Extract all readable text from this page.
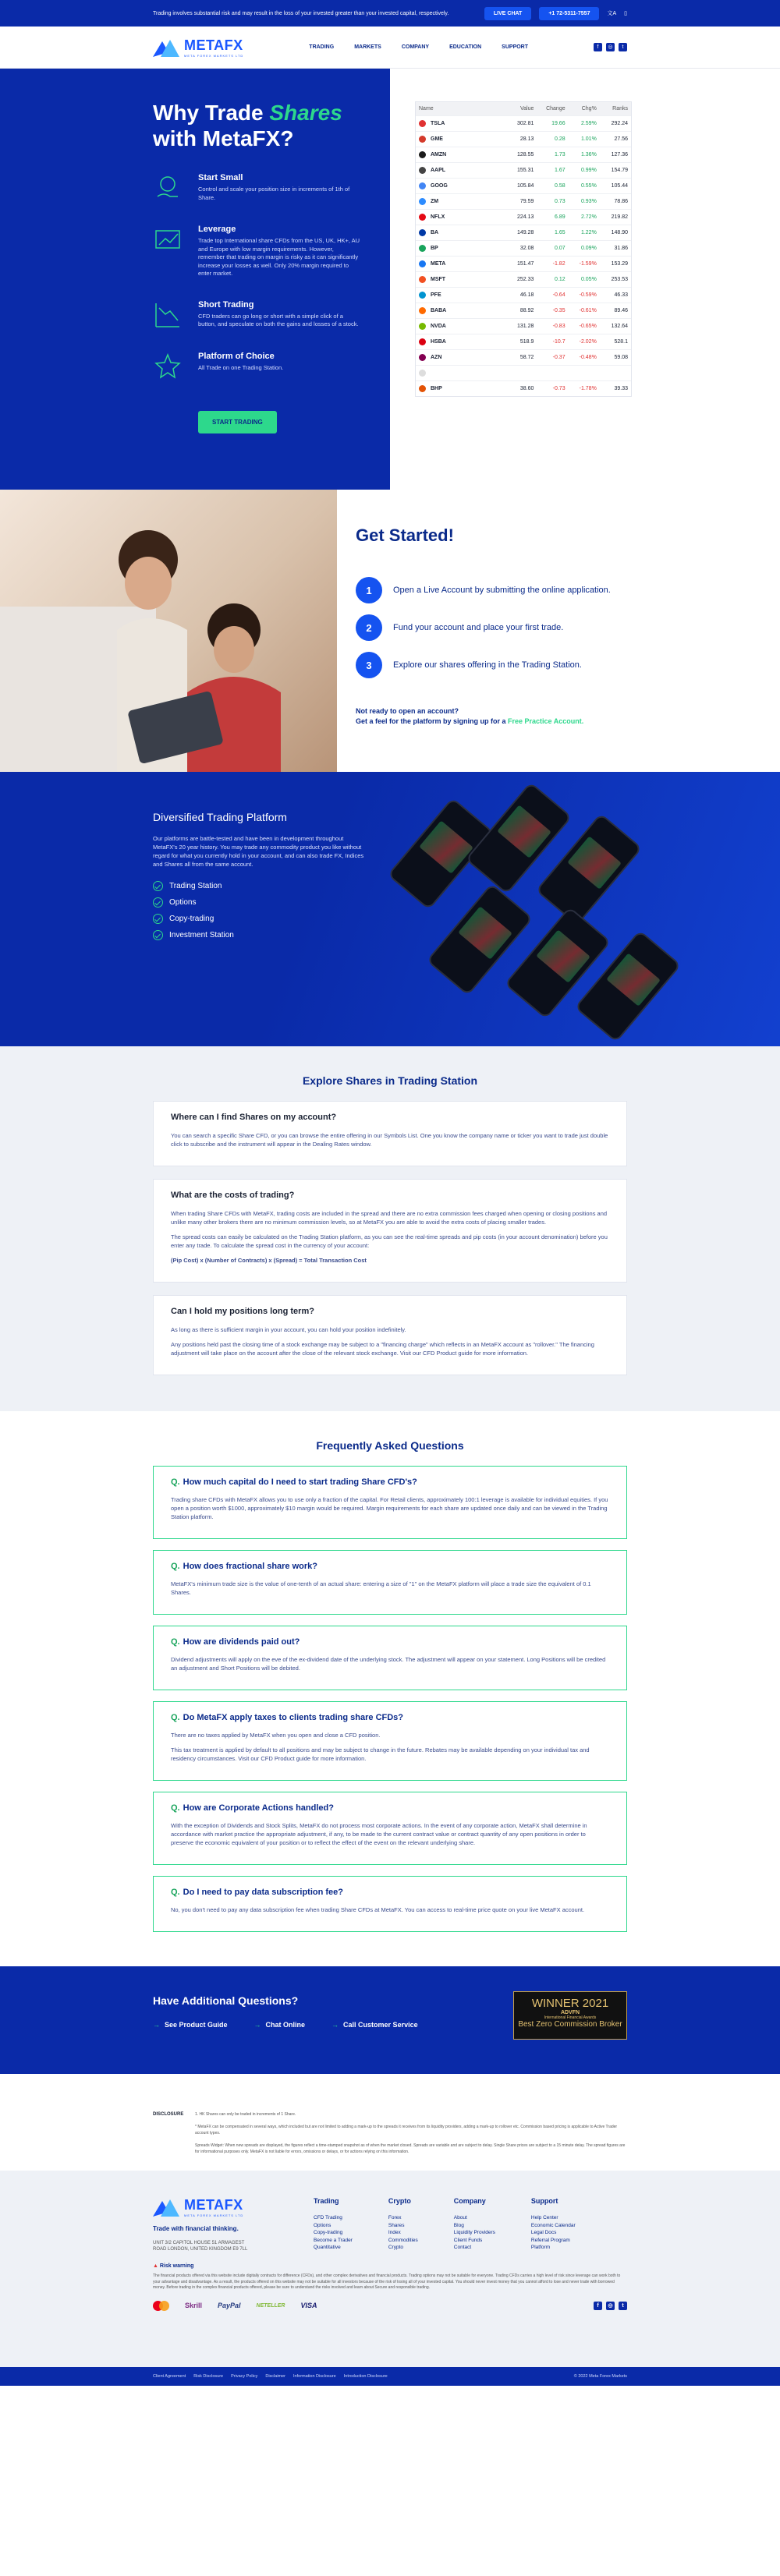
Trading involves substantial risk and may result in the loss of your invested greater than your invested capital, respectively.	LIVE CHAT	+1 72-5311-7557	文A ▯
METAFX
META FOREX MARKETS LTD
TRADING	MARKETS	COMPANY	EDUCATION	SUPPORT	f	◎	t
Why Trade Shares
with MetaFX?
Start Small

Control and scale your position size in increments of 1th of Share.

Leverage

Trade top International share CFDs from the US, UK, HK+, AU and Europe with low margin requirements. However, remember that trading on margin is risky as it can significantly increase your losses as well. Only 20% margin required to enter market.

Short Trading

CFD traders can go long or short with a simple click of a button, and speculate on both the gains and losses of a stock.

Platform of Choice

All Trade on one Trading Station.

START TRADING
Name	Value	Change	Chg%	Ranks
TSLA	302.81	19.66	2.59%	292.24
GME	28.13	0.28	1.01%	27.56
AMZN	128.55	1.73	1.36%	127.36
AAPL	155.31	1.67	0.99%	154.79
GOOG	105.84	0.58	0.55%	105.44
ZM	79.59	0.73	0.93%	78.86
NFLX	224.13	6.89	2.72%	219.82
BA	149.28	1.65	1.22%	148.90
BP	32.08	0.07	0.09%	31.86
META	151.47	-1.82	-1.59%	153.29
MSFT	252.33	0.12	0.05%	253.53
PFE	46.18	-0.64	-0.59%	46.33
BABA	88.92	-0.35	-0.61%	89.46
NVDA	131.28	-0.83	-0.65%	132.64
HSBA	518.9	-10.7	-2.02%	528.1
AZN	58.72	-0.37	-0.48%	59.08
BHP	38.60	-0.73	-1.78%	39.33
Get Started!
1	Open a Live Account by submitting the online application.
2	Fund your account and place your first trade.
3	Explore our shares offering in the Trading Station.
Not ready to open an account?
Get a feel for the platform by signing up for a Free Practice Account.
Diversified Trading Platform

Our platforms are battle-tested and have been in development throughout MetaFX's 20 year history. You may trade any commodity product you like without regard for what you currently hold in your account, and can also trade FX, Indices and Shares all from the same account.

Trading Station
Options
Copy-trading
Investment Station
Explore Shares in Trading Station
Where can I find Shares on my account?

You can search a specific Share CFD, or you can browse the entire offering in our Symbols List. One you know the company name or ticker you want to trade just double click to subscribe and the instrument will appear in the Dealing Rates window.

What are the costs of trading?

When trading Share CFDs with MetaFX, trading costs are included in the spread and there are no extra commission fees charged when opening or closing positions and unlike many other brokers there are no minimum commission levels, so at MetaFX you are able to avoid the extra costs of placing smaller trades.

The spread costs can easily be calculated on the Trading Station platform, as you can see the real-time spreads and pip costs (in your account denomination) before you enter any trade. To calculate the spread cost in the currency of your account:

(Pip Cost) x (Number of Contracts) x (Spread) = Total Transaction Cost

Can I hold my positions long term?

As long as there is sufficient margin in your account, you can hold your position indefinitely.

Any positions held past the closing time of a stock exchange may be subject to a "financing charge" which reflects in an MetaFX account as "rollover." The financing adjustment will take place on the account after the close of the relevant stock exchange. Visit our CFD Product guide for more information.

Frequently Asked Questions
Q. How much capital do I need to start trading Share CFD's?

Trading share CFDs with MetaFX allows you to use only a fraction of the capital. For Retail clients, approximately 100:1 leverage is available for individual equities. If you open a position worth $1000, approximately $10 margin would be required. Margin requirements for each share are updated once daily and can be viewed in the Trading Station platform.

Q. How does fractional share work?

MetaFX's minimum trade size is the value of one-tenth of an actual share: entering a size of "1" on the MetaFX platform will place a trade size the equivalent of 0.1 Shares.

Q. How are dividends paid out?

Dividend adjustments will apply on the eve of the ex-dividend date of the underlying stock. The adjustment will appear on your statement. Long Positions will be credited an adjustment and Short Positions will be debited.

Q. Do MetaFX apply taxes to clients trading share CFDs?

There are no taxes applied by MetaFX when you open and close a CFD position.

This tax treatment is applied by default to all positions and may be subject to change in the future. Rebates may be available depending on your individual tax and residency circumstances. Visit our CFD Product guide for more information.

Q. How are Corporate Actions handled?

With the exception of Dividends and Stock Splits, MetaFX do not process most corporate actions. In the event of any corporate action, MetaFX shall determine in accordance with market practice the appropriate adjustment, if any, to be made to the current contract value or contract quantity of any open positions in order to preserve the economic equivalent of your position or to reflect the effect of the event on the relevant underlying share.

Q. Do I need to pay data subscription fee?

No, you don't need to pay any data subscription fee when trading Share CFDs at MetaFX. You can access to real-time price quote on your live MetaFX account.

Have Additional Questions?
→ See Product Guide	→ Chat Online	→ Call Customer Service
WINNER 2021
ADVFN
International Financial Awards
Best Zero Commission Broker
DISCLOSURE	1. HK Shares can only be traded in increments of 1 Share.

* MetaFX can be compensated in several ways, which included but are not limited to adding a mark-up to the spreads it receives from its liquidity providers, adding a mark-up to rollover etc. Commission based pricing is applicable to Active Trader account types.

Spreads Widget: When new spreads are displayed, the figures reflect a time-stamped snapshot as of when the market closed. Spreads are variable and are subject to delay. Single Share prices are subject to a 15 minute delay. The spread figures are for informational purposes only. MetaFX is not liable for errors, omissions or delays, or for actions relying on this information.

METAFX
META FOREX MARKETS LTD
Trade with financial thinking.
UNIT 3/2 CAPITOL HOUSE 51 ARMAGEST ROAD LONDON, UNITED KINGDOM E9 7LL
Trading
CFD Trading
Options
Copy-trading
Become a Trader
Quantitative
Crypto
Forex
Shares
Index
Commodities
Crypto
Company
About
Blog
Liquidity Providers
Client Funds
Contact
Support
Help Center
Economic Calendar
Legal Docs
Referral Program
Platform
▲ Risk warning
The financial products offered via this website include digitally contracts for difference (CFDs), and other complex derivatives and financial products. Trading options may not be suitable for everyone. Trading CFDs carries a high level of risk since leverage can work both to your advantage and disadvantage. As a result, the products offered on this website may not be suitable for all investors because of the risk of losing all of your invested capital. You should never invest money that you cannot afford to lose and never trade with borrowed money. Before trading in the complex financial products offered, please be sure to understand the risks involved and learn about Secure and responsible trading.
Skrill PayPal	NETELLER VISA	f	◎	t
Client Agreement Risk Disclosure Privacy Policy Disclaimer Information Disclosure Introduction Disclosure	© 2022 Meta Forex Markets
